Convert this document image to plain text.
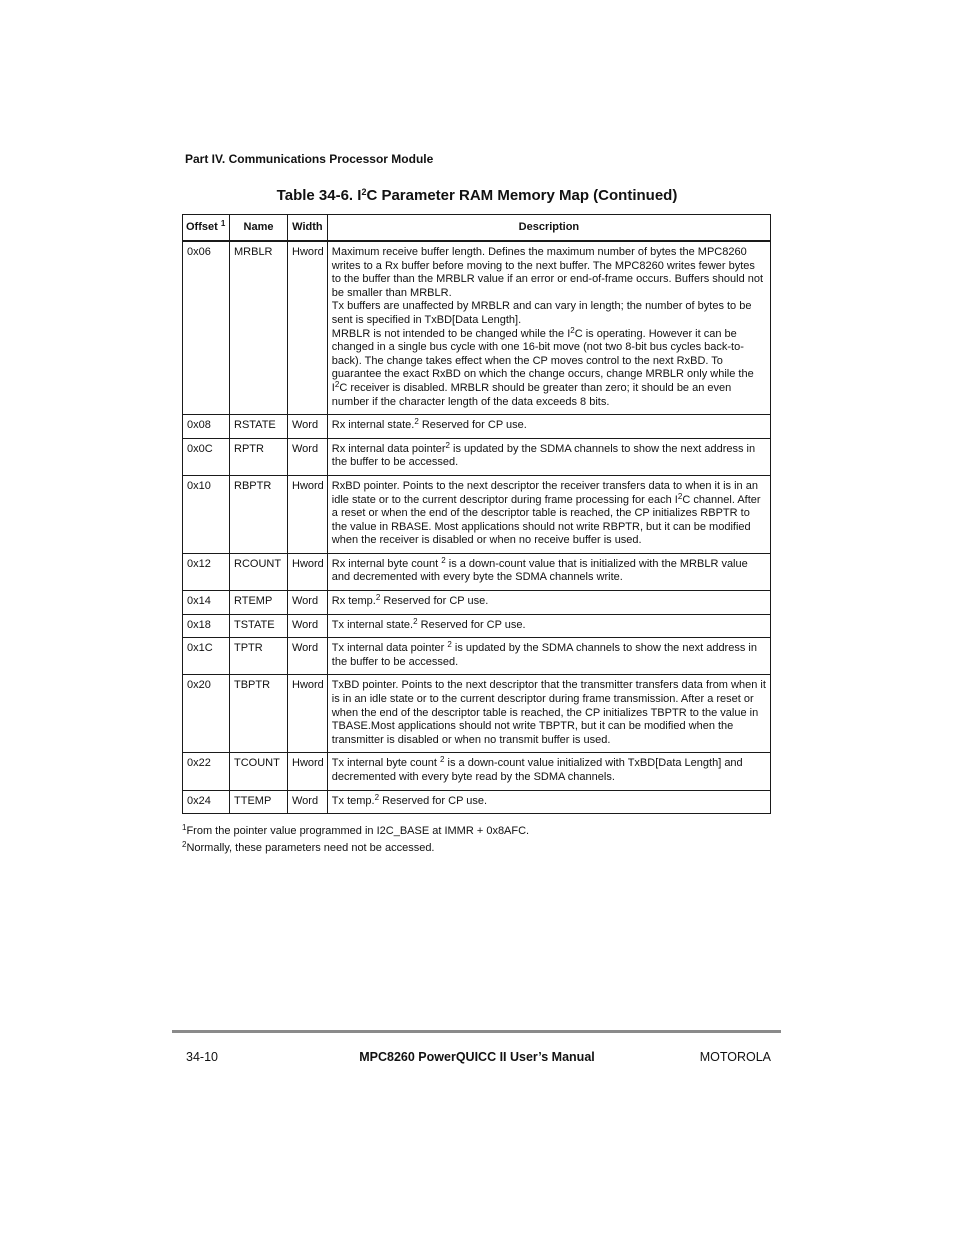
Part IV. Communications Processor Module
Table 34-6. $I^2C$ Parameter RAM Memory Map (Continued)
Offset $^1$	Name	Width	Description
0x06	MRBLR	Hword	Maximum receive buffer length. Defines the maximum number of bytes the MPC8260 writes to a Rx buffer before moving to the next buffer. The MPC8260 writes fewer bytes to the buffer than the MRBLR value if an error or end-of-frame occurs. Buffers should not be smaller than MRBLR.
Tx buffers are unaffected by MRBLR and can vary in length; the number of bytes to be sent is specified in TxBD[Data Length].
MRBLR is not intended to be changed while the $I^2C$ is operating. However it can be changed in a single bus cycle with one 16-bit move (not two 8-bit bus cycles back-to-back). The change takes effect when the CP moves control to the next RxBD. To guarantee the exact RxBD on which the change occurs, change MRBLR only while the $I^2C$ receiver is disabled. MRBLR should be greater than zero; it should be an even number if the character length of the data exceeds 8 bits.

0x08	RSTATE	Word	Rx internal state.$^2$ Reserved for CP use.
0x0C	RPTR	Word	Rx internal data pointer$^2$ is updated by the SDMA channels to show the next address in the buffer to be accessed.
0x10	RBPTR	Hword	RxBD pointer. Points to the next descriptor the receiver transfers data to when it is in an idle state or to the current descriptor during frame processing for each $I^2C$ channel. After a reset or when the end of the descriptor table is reached, the CP initializes RBPTR to the value in RBASE. Most applications should not write RBPTR, but it can be modified when the receiver is disabled or when no receive buffer is used.
0x12	RCOUNT	Hword	Rx internal byte count $^2$ is a down-count value that is initialized with the MRBLR value and decremented with every byte the SDMA channels write.
0x14	RTEMP	Word	Rx temp.$^2$ Reserved for CP use.
0x18	TSTATE	Word	Tx internal state.$^2$ Reserved for CP use.
0x1C	TPTR	Word	Tx internal data pointer $^2$ is updated by the SDMA channels to show the next address in the buffer to be accessed.
0x20	TBPTR	Hword	TxBD pointer. Points to the next descriptor that the transmitter transfers data from when it is in an idle state or to the current descriptor during frame transmission. After a reset or when the end of the descriptor table is reached, the CP initializes TBPTR to the value in TBASE.Most applications should not write TBPTR, but it can be modified when the transmitter is disabled or when no transmit buffer is used.
0x22	TCOUNT	Hword	Tx internal byte count $^2$ is a down-count value initialized with TxBD[Data Length] and decremented with every byte read by the SDMA channels.
0x24	TTEMP	Word	Tx temp.$^2$ Reserved for CP use.
$^1$From the pointer value programmed in I2C_BASE at IMMR + 0x8AFC.
$^2$Normally, these parameters need not be accessed.
34-10	MPC8260 PowerQUICC II User’s Manual	MOTOROLA
